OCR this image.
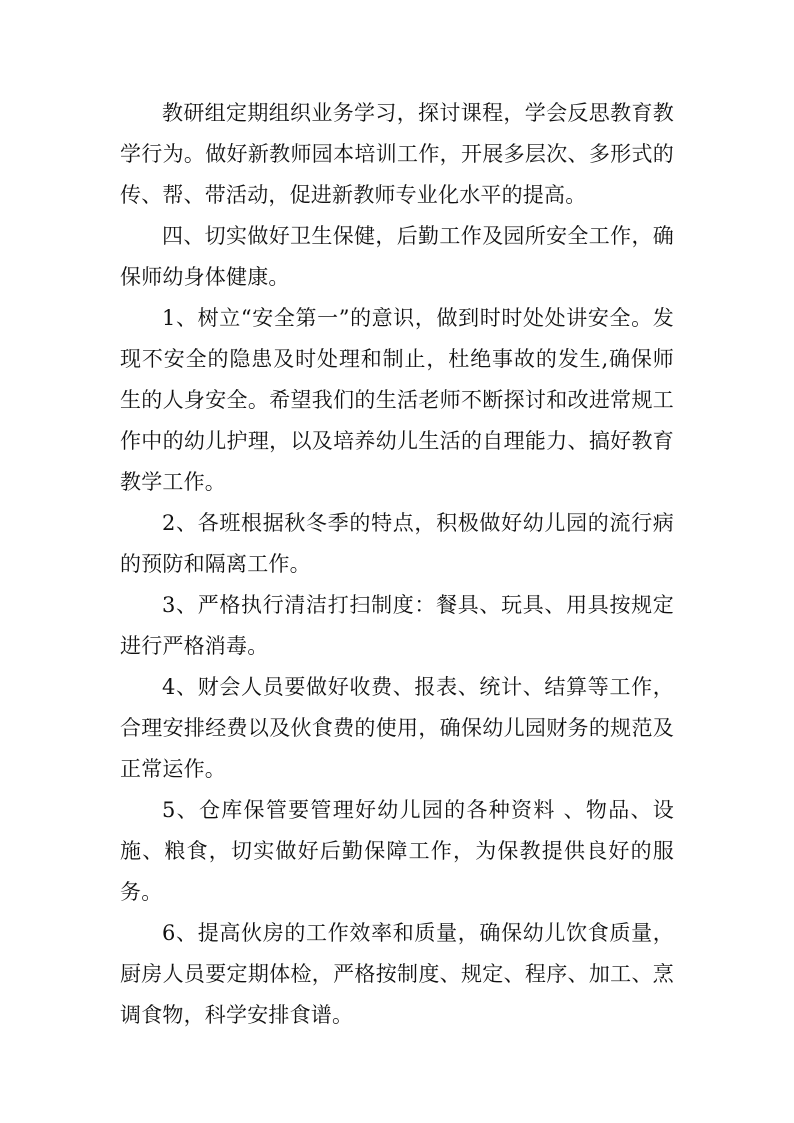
教研组定期组织业务学习，探讨课程，学会反思教育教学行为。做好新教师园本培训工作，开展多层次、多形式的传、帮、带活动，促进新教师专业化水平的提高。

四、切实做好卫生保健，后勤工作及园所安全工作，确保师幼身体健康。

1、树立“安全第一”的意识，做到时时处处讲安全。发现不安全的隐患及时处理和制止，杜绝事故的发生,确保师生的人身安全。希望我们的生活老师不断探讨和改进常规工作中的幼儿护理，以及培养幼儿生活的自理能力、搞好教育教学工作。

2、各班根据秋冬季的特点，积极做好幼儿园的流行病的预防和隔离工作。

3、严格执行清洁打扫制度：餐具、玩具、用具按规定进行严格消毒。

4、财会人员要做好收费、报表、统计、结算等工作，合理安排经费以及伙食费的使用，确保幼儿园财务的规范及正常运作。

5、仓库保管要管理好幼儿园的各种资料 、物品、设施、粮食，切实做好后勤保障工作，为保教提供良好的服务。

6、提高伙房的工作效率和质量，确保幼儿饮食质量，厨房人员要定期体检，严格按制度、规定、程序、加工、烹调食物，科学安排食谱。
